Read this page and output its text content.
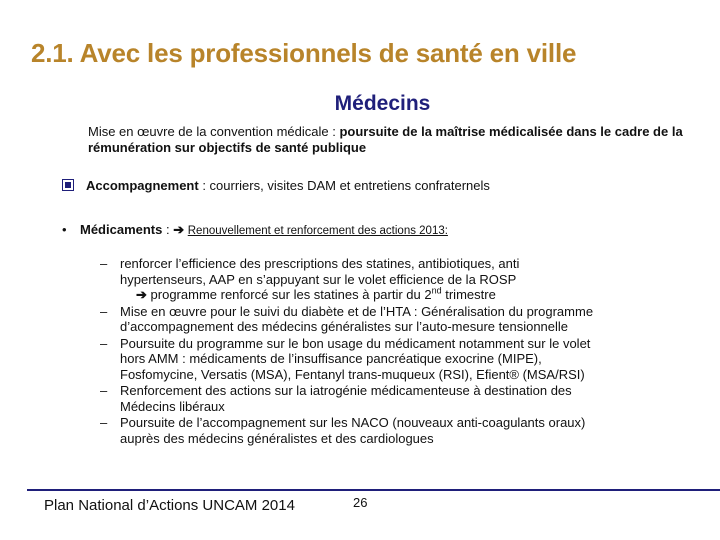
2.1. Avec les professionnels de santé en ville
Médecins
Mise en œuvre de la convention médicale : poursuite de la maîtrise médicalisée dans le cadre de la rémunération sur objectifs de santé publique
Accompagnement : courriers, visites DAM et entretiens confraternels
• Médicaments : ➔ Renouvellement et renforcement des actions 2013:
– renforcer l’efficience des prescriptions des statines, antibiotiques, anti
hypertenseurs, AAP en s’appuyant sur le volet efficience de la ROSP
➔ programme renforcé sur les statines à partir du 2nd trimestre
– Mise en œuvre pour le suivi du diabète et de l’HTA : Généralisation du programme
d’accompagnement des médecins généralistes sur l’auto-mesure tensionnelle
– Poursuite du programme sur le bon usage du médicament notamment sur le volet
hors AMM : médicaments de l’insuffisance pancréatique exocrine (MIPE),
Fosfomycine, Versatis (MSA), Fentanyl trans-muqueux (RSI), Efient® (MSA/RSI)
– Renforcement des actions sur la iatrogénie médicamenteuse à destination des
Médecins libéraux
– Poursuite de l’accompagnement sur les NACO (nouveaux anti-coagulants oraux)
auprès des médecins généralistes et des cardiologues
Plan National d’Actions UNCAM 2014	26
